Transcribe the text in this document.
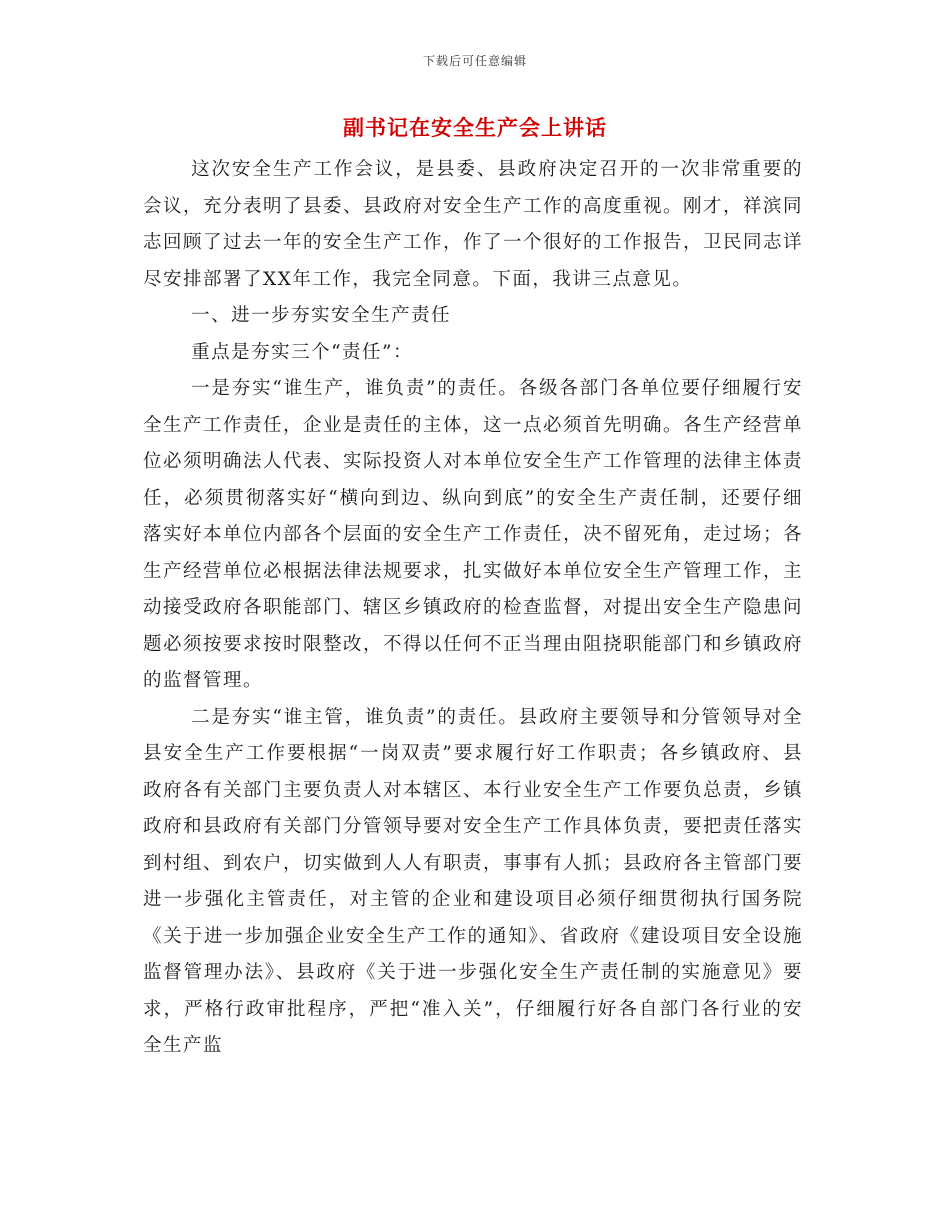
下载后可任意编辑
副书记在安全生产会上讲话

这次安全生产工作会议，是县委、县政府决定召开的一次非常重要的会议，充分表明了县委、县政府对安全生产工作的高度重视。刚才，祥滨同志回顾了过去一年的安全生产工作，作了一个很好的工作报告，卫民同志详尽安排部署了XX年工作，我完全同意。下面，我讲三点意见。

一、进一步夯实安全生产责任

重点是夯实三个“责任”：

一是夯实“谁生产，谁负责”的责任。各级各部门各单位要仔细履行安全生产工作责任，企业是责任的主体，这一点必须首先明确。各生产经营单位必须明确法人代表、实际投资人对本单位安全生产工作管理的法律主体责任，必须贯彻落实好“横向到边、纵向到底”的安全生产责任制，还要仔细落实好本单位内部各个层面的安全生产工作责任，决不留死角，走过场；各生产经营单位必根据法律法规要求，扎实做好本单位安全生产管理工作，主动接受政府各职能部门、辖区乡镇政府的检查监督，对提出安全生产隐患问题必须按要求按时限整改，不得以任何不正当理由阻挠职能部门和乡镇政府的监督管理。

二是夯实“谁主管，谁负责”的责任。县政府主要领导和分管领导对全县安全生产工作要根据“一岗双责”要求履行好工作职责；各乡镇政府、县政府各有关部门主要负责人对本辖区、本行业安全生产工作要负总责，乡镇政府和县政府有关部门分管领导要对安全生产工作具体负责，要把责任落实到村组、到农户，切实做到人人有职责，事事有人抓；县政府各主管部门要进一步强化主管责任，对主管的企业和建设项目必须仔细贯彻执行国务院《关于进一步加强企业安全生产工作的通知》、省政府《建设项目安全设施监督管理办法》、县政府《关于进一步强化安全生产责任制的实施意见》要求，严格行政审批程序，严把“准入关”，仔细履行好各自部门各行业的安全生产监
